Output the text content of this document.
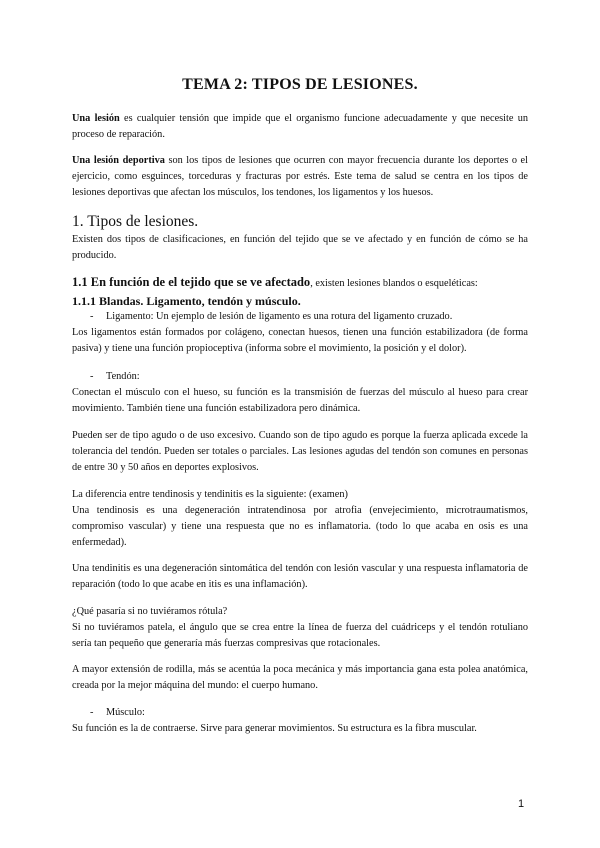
TEMA 2: TIPOS DE LESIONES.

Una lesión es cualquier tensión que impide que el organismo funcione adecuadamente y que necesite un proceso de reparación.

Una lesión deportiva son los tipos de lesiones que ocurren con mayor frecuencia durante los deportes o el ejercicio, como esguinces, torceduras y fracturas por estrés. Este tema de salud se centra en los tipos de lesiones deportivas que afectan los músculos, los tendones, los ligamentos y los huesos.

1. Tipos de lesiones.

Existen dos tipos de clasificaciones, en función del tejido que se ve afectado y en función de cómo se ha producido.

1.1 En función de el tejido que se ve afectado, existen lesiones blandos o esqueléticas:
1.1.1 Blandas. Ligamento, tendón y músculo.

- Ligamento: Un ejemplo de lesión de ligamento es una rotura del ligamento cruzado.

Los ligamentos están formados por colágeno, conectan huesos, tienen una función estabilizadora (de forma pasiva) y tiene una función propioceptiva (informa sobre el movimiento, la posición y el dolor).

- Tendón:

Conectan el músculo con el hueso, su función es la transmisión de fuerzas del músculo al hueso para crear movimiento. También tiene una función estabilizadora pero dinámica.

Pueden ser de tipo agudo o de uso excesivo. Cuando son de tipo agudo es porque la fuerza aplicada excede la tolerancia del tendón. Pueden ser totales o parciales. Las lesiones agudas del tendón son comunes en personas de entre 30 y 50 años en deportes explosivos.

La diferencia entre tendinosis y tendinitis es la siguiente: (examen)

Una tendinosis es una degeneración intratendinosa por atrofia (envejecimiento, microtraumatismos, compromiso vascular) y tiene una respuesta que no es inflamatoria. (todo lo que acaba en osis es una enfermedad).

Una tendinitis es una degeneración sintomática del tendón con lesión vascular y una respuesta inflamatoria de reparación (todo lo que acabe en itis es una inflamación).

¿Qué pasaría si no tuviéramos rótula?

Si no tuviéramos patela, el ángulo que se crea entre la línea de fuerza del cuádriceps y el tendón rotuliano sería tan pequeño que generaría más fuerzas compresivas que rotacionales.

A mayor extensión de rodilla, más se acentúa la poca mecánica y más importancia gana esta polea anatómica, creada por la mejor máquina del mundo: el cuerpo humano.

- Músculo:

Su función es la de contraerse. Sirve para generar movimientos. Su estructura es la fibra muscular.

1
